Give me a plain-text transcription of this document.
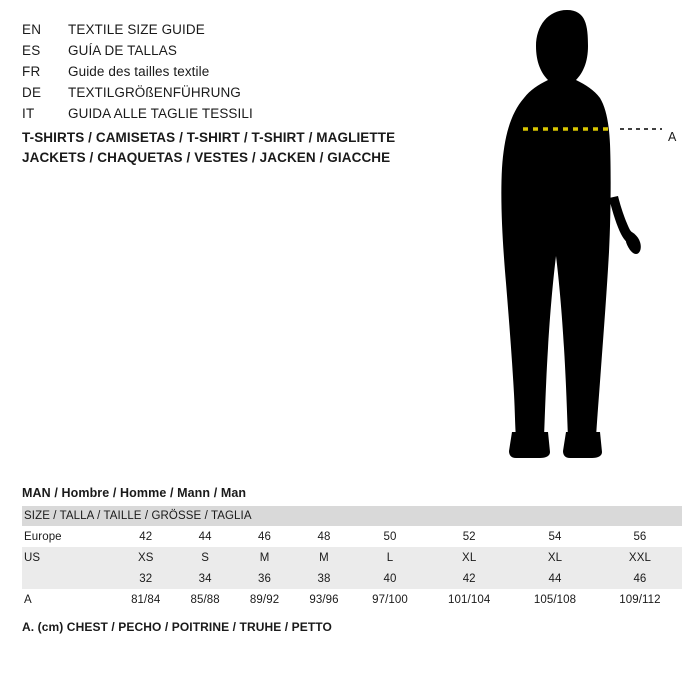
EN	TEXTILE SIZE GUIDE
ES	GUÍA DE TALLAS
FR	Guide des tailles textile
DE	TEXTILGRÖßENFÜHRUNG
IT	GUIDA ALLE TAGLIE TESSILI
T-SHIRTS / CAMISETAS / T-SHIRT / T-SHIRT / MAGLIETTE
JACKETS / CHAQUETAS / VESTES / JACKEN / GIACCHE
A
MAN / Hombre / Homme / Mann / Man
SIZE / TALLA / TAILLE / GRÖSSE / TAGLIA								
Europe	42	44	46	48	50	52	54	56
US	XS	S	M	M	L	XL	XL	XXL
	32	34	36	38	40	42	44	46
A	81/84	85/88	89/92	93/96	97/100	101/104	105/108	109/112
A. (cm) CHEST / PECHO / POITRINE / TRUHE / PETTO
